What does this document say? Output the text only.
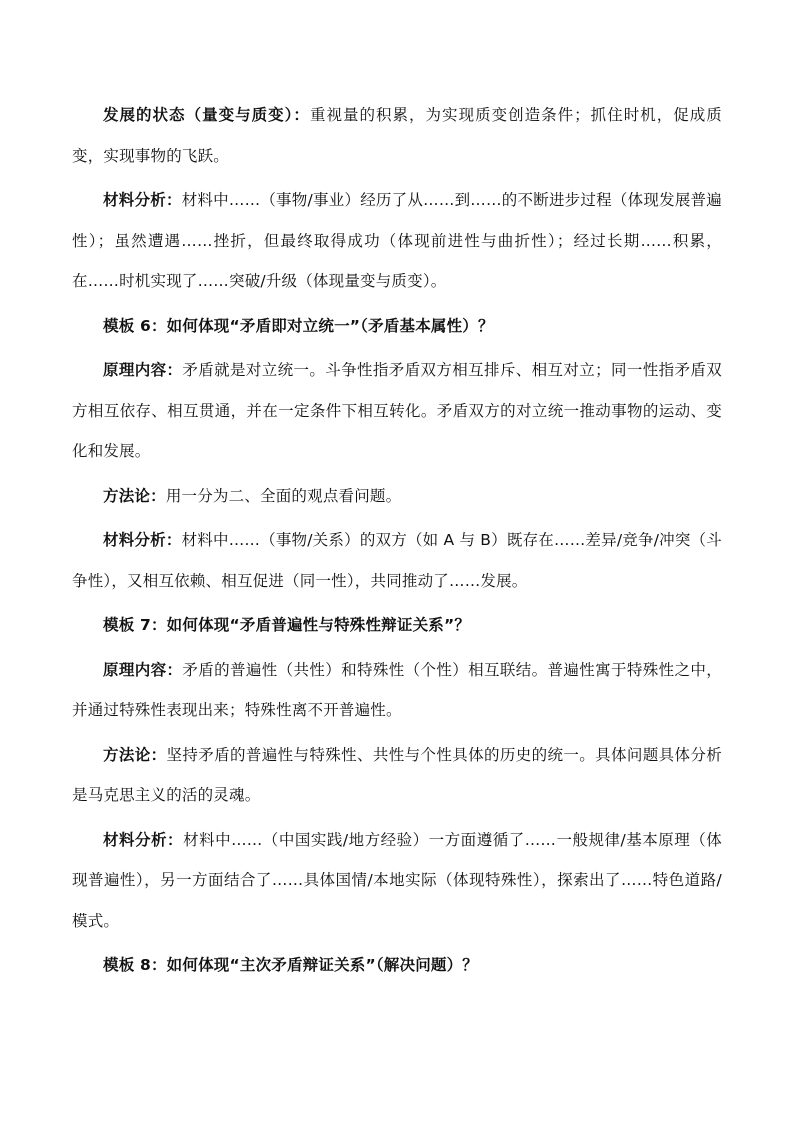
发展的状态（量变与质变）：重视量的积累，为实现质变创造条件；抓住时机，促成质变，实现事物的飞跃。

材料分析：材料中……（事物/事业）经历了从……到……的不断进步过程（体现发展普遍性）；虽然遭遇……挫折，但最终取得成功（体现前进性与曲折性）；经过长期……积累，在……时机实现了……突破/升级（体现量变与质变）。

模板 6：如何体现“矛盾即对立统一”（矛盾基本属性）？

原理内容：矛盾就是对立统一。斗争性指矛盾双方相互排斥、相互对立；同一性指矛盾双方相互依存、相互贯通，并在一定条件下相互转化。矛盾双方的对立统一推动事物的运动、变化和发展。

方法论：用一分为二、全面的观点看问题。

材料分析：材料中……（事物/关系）的双方（如 A 与 B）既存在……差异/竞争/冲突（斗争性），又相互依赖、相互促进（同一性），共同推动了……发展。

模板 7：如何体现“矛盾普遍性与特殊性辩证关系”？

原理内容：矛盾的普遍性（共性）和特殊性（个性）相互联结。普遍性寓于特殊性之中，并通过特殊性表现出来；特殊性离不开普遍性。

方法论：坚持矛盾的普遍性与特殊性、共性与个性具体的历史的统一。具体问题具体分析是马克思主义的活的灵魂。

材料分析：材料中……（中国实践/地方经验）一方面遵循了……一般规律/基本原理（体现普遍性），另一方面结合了……具体国情/本地实际（体现特殊性），探索出了……特色道路/模式。

模板 8：如何体现“主次矛盾辩证关系”（解决问题）？
